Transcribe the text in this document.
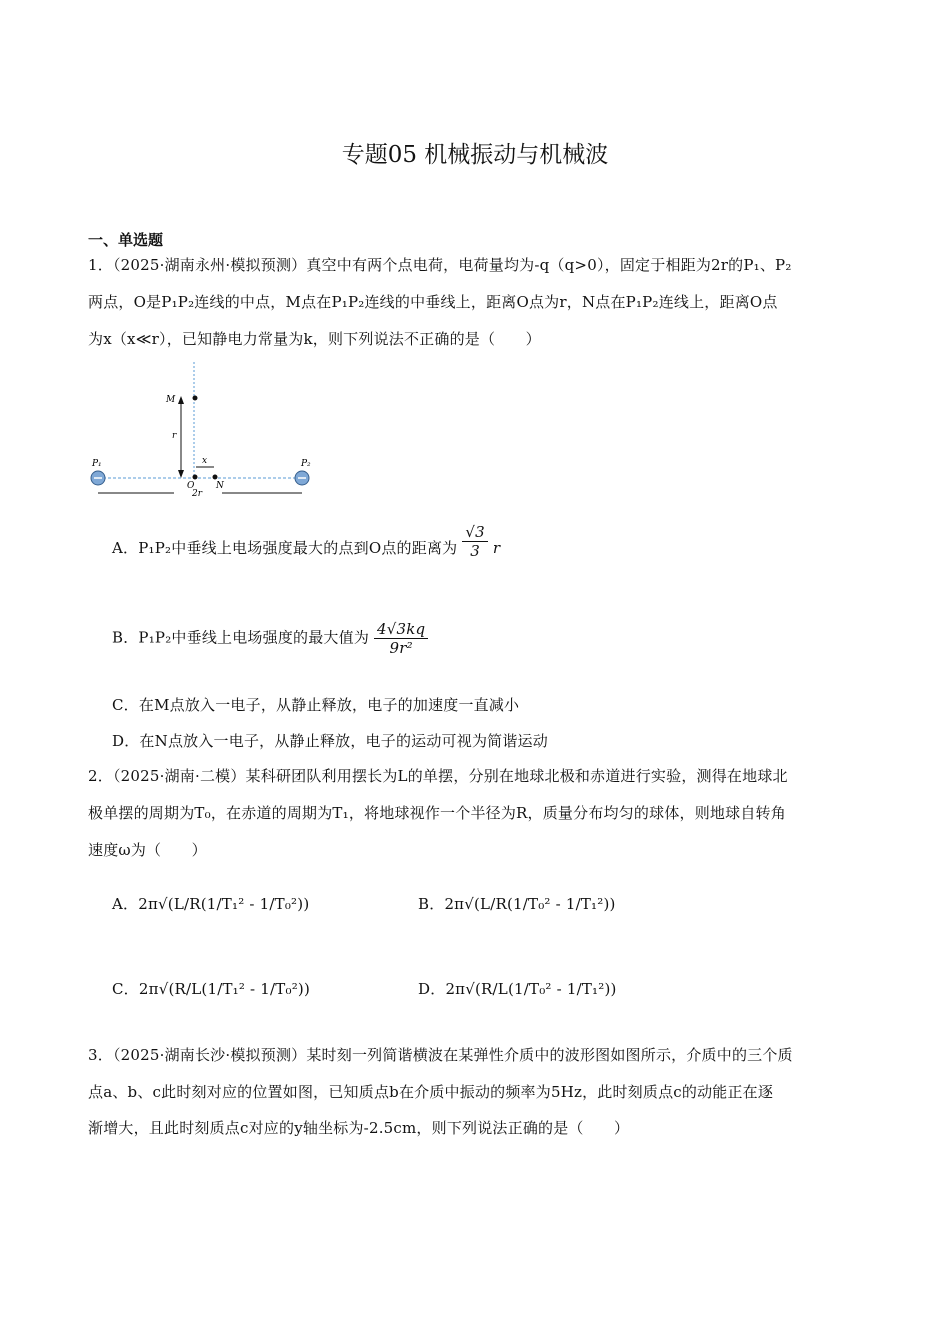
专题05 机械振动与机械波
一、单选题
1．（2025·湖南永州·模拟预测）真空中有两个点电荷，电荷量均为-q（q>0），固定于相距为2r的P₁、P₂
两点，O是P₁P₂连线的中点，M点在P₁P₂连线的中垂线上，距离O点为r，N点在P₁P₂连线上，距离O点
为x（x≪r），已知静电力常量为k，则下列说法不正确的是（　　）
M
r
x
P₁	P₂
O N
2r
A．P₁P₂中垂线上电场强度最大的点到O点的距离为 $\frac{√3}{3}$ r
B．P₁P₂中垂线上电场强度的最大值为 $\frac{4√3kq}{\text{9r²}}$
C．在M点放入一电子，从静止释放，电子的加速度一直减小
D．在N点放入一电子，从静止释放，电子的运动可视为简谐运动
2．（2025·湖南·二模）某科研团队利用摆长为L的单摆，分别在地球北极和赤道进行实验，测得在地球北
极单摆的周期为T₀，在赤道的周期为T₁，将地球视作一个半径为R，质量分布均匀的球体，则地球自转角
速度ω为（　　）
A．2π√(L/R(1/T₁² - 1/T₀²))	B．2π√(L/R(1/T₀² - 1/T₁²))
C．2π√(R/L(1/T₁² - 1/T₀²))	D．2π√(R/L(1/T₀² - 1/T₁²))
3．（2025·湖南长沙·模拟预测）某时刻一列简谐横波在某弹性介质中的波形图如图所示，介质中的三个质
点a、b、c此时刻对应的位置如图，已知质点b在介质中振动的频率为5Hz，此时刻质点c的动能正在逐
渐增大，且此时刻质点c对应的y轴坐标为-2.5cm，则下列说法正确的是（　　）
